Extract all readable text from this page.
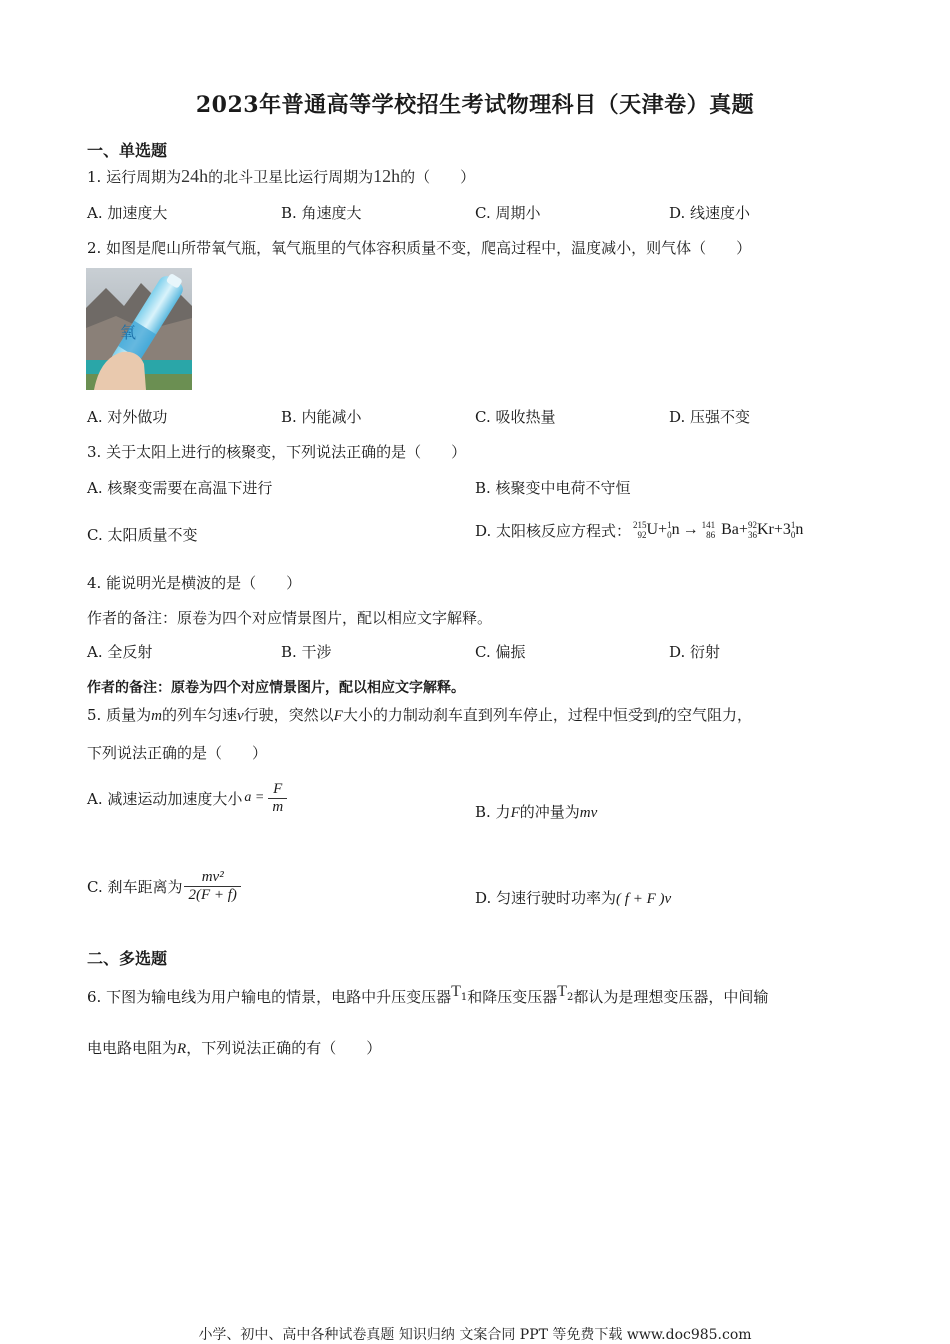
2023年普通高等学校招生考试物理科目（天津卷）真题
一、单选题
1. 运行周期为24h的北斗卫星比运行周期为12h的（　　）
A. 加速度大	B. 角速度大	C. 周期小	D. 线速度小
2. 如图是爬山所带氧气瓶，氧气瓶里的气体容积质量不变，爬高过程中，温度减小，则气体（　　）
氧
A. 对外做功	B. 内能减小	C. 吸收热量	D. 压强不变
3. 关于太阳上进行的核聚变，下列说法正确的是（　　）
A. 核聚变需要在高温下进行	B. 核聚变中电荷不守恒
C. 太阳质量不变	D. 太阳核反应方程式： 215
92 U + 1
0 n → 141
86 Ba + 92
36 Kr +3 1
0 n
4. 能说明光是横波的是（　　）
作者的备注：原卷为四个对应情景图片，配以相应文字解释。
A. 全反射	B. 干涉	C. 偏振	D. 衍射
作者的备注：原卷为四个对应情景图片，配以相应文字解释。
5. 质量为m的列车匀速v行驶，突然以F大小的力制动刹车直到列车停止，过程中恒受到f的空气阻力，
下列说法正确的是（　　）
A. 减速运动加速度大小 $a = \frac{F}{m}$	B. 力F的冲量为mv
C. 刹车距离为 $\frac{\text{mv²}}{2(F + f)}$	D. 匀速行驶时功率为( f + F )v
二、多选题
6. 下图为输电线为用户输电的情景，电路中升压变压器T1和降压变压器T2都认为是理想变压器，中间输
电电路电阻为R，下列说法正确的有（　　）
小学、初中、高中各种试卷真题 知识归纳 文案合同 PPT 等免费下载 www.doc985.com
